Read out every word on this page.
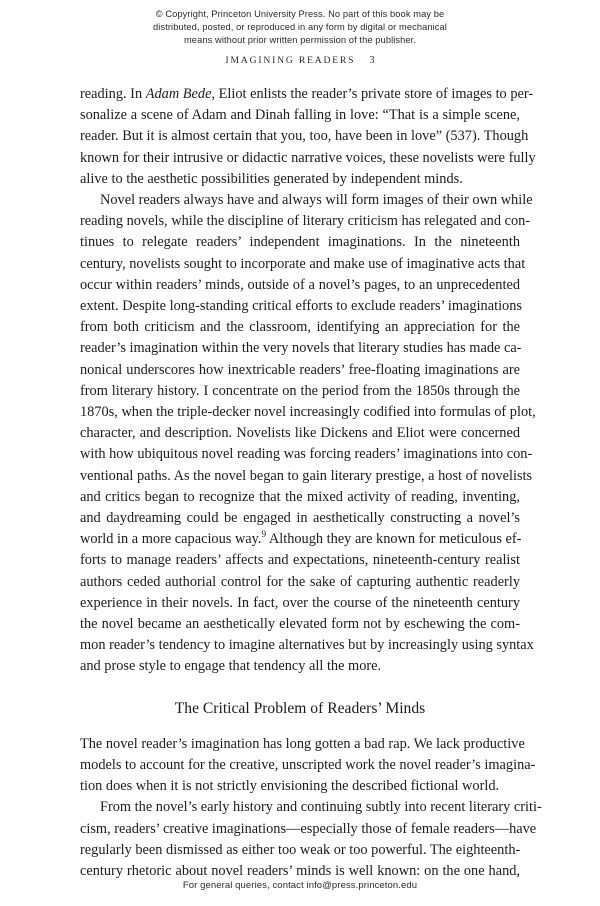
© Copyright, Princeton University Press. No part of this book may be
distributed, posted, or reproduced in any form by digital or mechanical
means without prior written permission of the publisher.
IMAGINING READERS 3

reading. In Adam Bede, Eliot enlists the reader’s private store of images to per-
sonalize a scene of Adam and Dinah falling in love: “That is a simple scene,
reader. But it is almost certain that you, too, have been in love” (537). Though
known for their intrusive or didactic narrative voices, these novelists were fully
alive to the aesthetic possibilities generated by independent minds.

Novel readers always have and always will form images of their own while
reading novels, while the discipline of literary criticism has relegated and con-
tinues to relegate readers’ independent imaginations. In the nineteenth
century, novelists sought to incorporate and make use of imaginative acts that
occur within readers’ minds, outside of a novel’s pages, to an unprecedented
extent. Despite long-standing critical efforts to exclude readers’ imaginations
from both criticism and the classroom, identifying an appreciation for the
reader’s imagination within the very novels that literary studies has made ca-
nonical underscores how inextricable readers’ free-floating imaginations are
from literary history. I concentrate on the period from the 1850s through the
1870s, when the triple-decker novel increasingly codified into formulas of plot,
character, and description. Novelists like Dickens and Eliot were concerned
with how ubiquitous novel reading was forcing readers’ imaginations into con-
ventional paths. As the novel began to gain literary prestige, a host of novelists
and critics began to recognize that the mixed activity of reading, inventing,
and daydreaming could be engaged in aesthetically constructing a novel’s
world in a more capacious way.$^9$ Although they are known for meticulous ef-
forts to manage readers’ affects and expectations, nineteenth-century realist
authors ceded authorial control for the sake of capturing authentic readerly
experience in their novels. In fact, over the course of the nineteenth century
the novel became an aesthetically elevated form not by eschewing the com-
mon reader’s tendency to imagine alternatives but by increasingly using syntax
and prose style to engage that tendency all the more.

The Critical Problem of Readers’ Minds

The novel reader’s imagination has long gotten a bad rap. We lack productive
models to account for the creative, unscripted work the novel reader’s imagina-
tion does when it is not strictly envisioning the described fictional world.

From the novel’s early history and continuing subtly into recent literary criti-
cism, readers’ creative imaginations—especially those of female readers—have
regularly been dismissed as either too weak or too powerful. The eighteenth-
century rhetoric about novel readers’ minds is well known: on the one hand,

For general queries, contact info@press.princeton.edu
